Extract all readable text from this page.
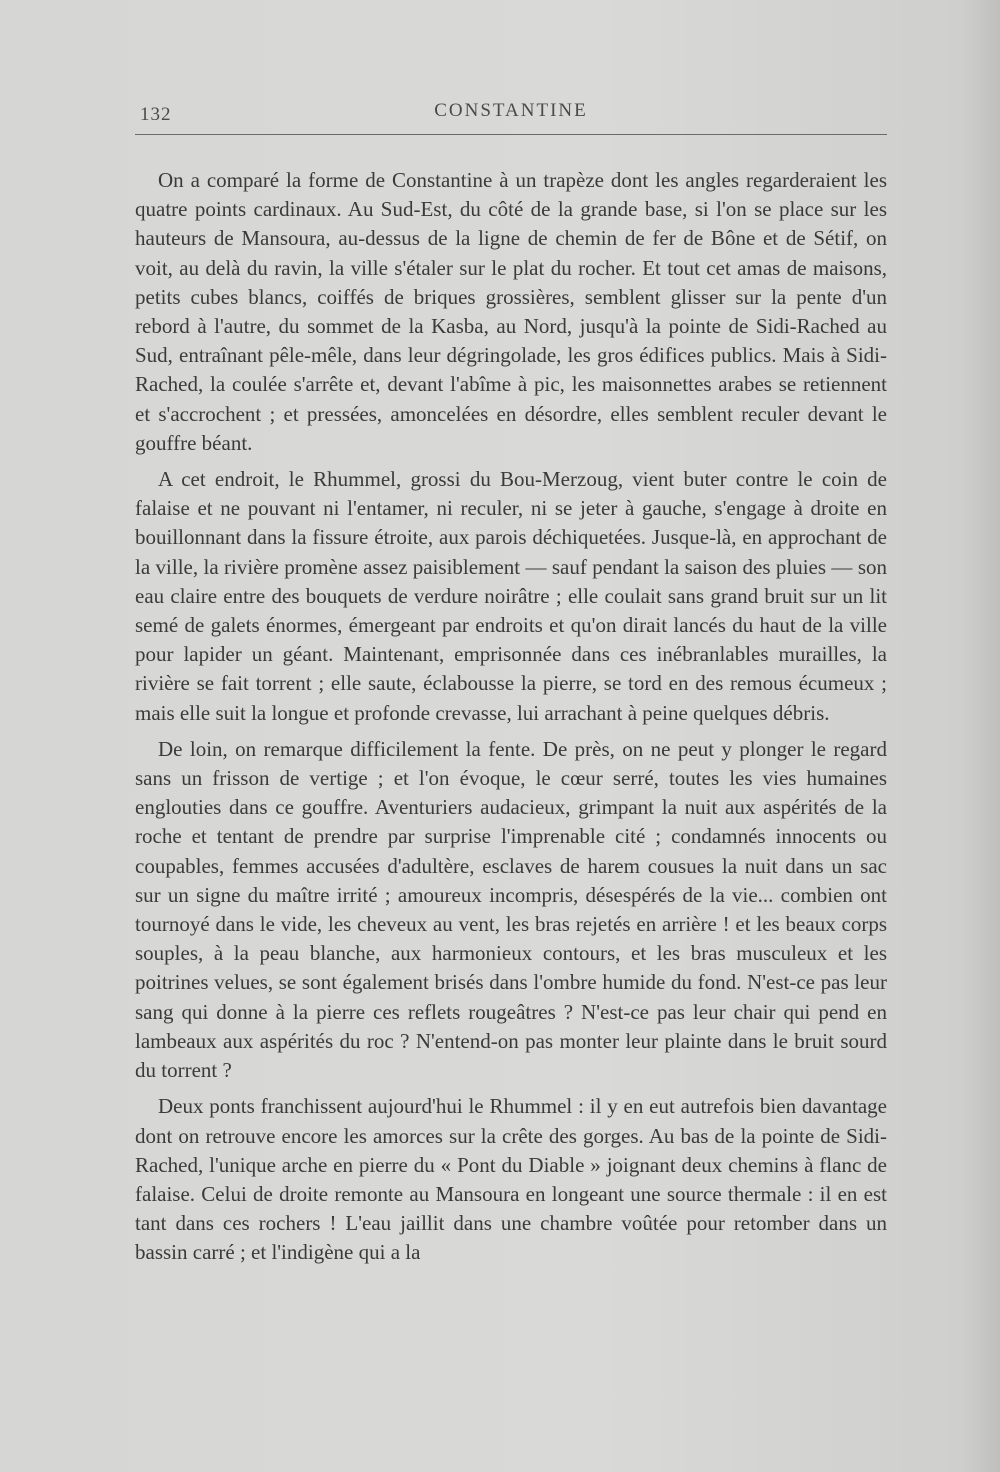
132	CONSTANTINE

On a comparé la forme de Constantine à un trapèze dont les angles regarderaient les quatre points cardinaux. Au Sud-Est, du côté de la grande base, si l'on se place sur les hauteurs de Mansoura, au-dessus de la ligne de chemin de fer de Bône et de Sétif, on voit, au delà du ravin, la ville s'étaler sur le plat du rocher. Et tout cet amas de maisons, petits cubes blancs, coiffés de briques grossières, semblent glisser sur la pente d'un rebord à l'autre, du sommet de la Kasba, au Nord, jusqu'à la pointe de Sidi-Rached au Sud, entraînant pêle-mêle, dans leur dégringolade, les gros édifices publics. Mais à Sidi-Rached, la coulée s'arrête et, devant l'abîme à pic, les maisonnettes arabes se retiennent et s'accrochent ; et pressées, amoncelées en désordre, elles semblent reculer devant le gouffre béant.

A cet endroit, le Rhummel, grossi du Bou-Merzoug, vient buter contre le coin de falaise et ne pouvant ni l'entamer, ni reculer, ni se jeter à gauche, s'engage à droite en bouillonnant dans la fissure étroite, aux parois déchiquetées. Jusque-là, en approchant de la ville, la rivière promène assez paisiblement — sauf pendant la saison des pluies — son eau claire entre des bouquets de verdure noirâtre ; elle coulait sans grand bruit sur un lit semé de galets énormes, émergeant par endroits et qu'on dirait lancés du haut de la ville pour lapider un géant. Maintenant, emprisonnée dans ces inébranlables murailles, la rivière se fait torrent ; elle saute, éclabousse la pierre, se tord en des remous écumeux ; mais elle suit la longue et profonde crevasse, lui arrachant à peine quelques débris.

De loin, on remarque difficilement la fente. De près, on ne peut y plonger le regard sans un frisson de vertige ; et l'on évoque, le cœur serré, toutes les vies humaines englouties dans ce gouffre. Aventuriers audacieux, grimpant la nuit aux aspérités de la roche et tentant de prendre par surprise l'imprenable cité ; condamnés innocents ou coupables, femmes accusées d'adultère, esclaves de harem cousues la nuit dans un sac sur un signe du maître irrité ; amoureux incompris, désespérés de la vie... combien ont tournoyé dans le vide, les cheveux au vent, les bras rejetés en arrière ! et les beaux corps souples, à la peau blanche, aux harmonieux contours, et les bras musculeux et les poitrines velues, se sont également brisés dans l'ombre humide du fond. N'est-ce pas leur sang qui donne à la pierre ces reflets rougeâtres ? N'est-ce pas leur chair qui pend en lambeaux aux aspérités du roc ? N'entend-on pas monter leur plainte dans le bruit sourd du torrent ?

Deux ponts franchissent aujourd'hui le Rhummel : il y en eut autrefois bien davantage dont on retrouve encore les amorces sur la crête des gorges. Au bas de la pointe de Sidi-Rached, l'unique arche en pierre du « Pont du Diable » joignant deux chemins à flanc de falaise. Celui de droite remonte au Mansoura en longeant une source thermale : il en est tant dans ces rochers ! L'eau jaillit dans une chambre voûtée pour retomber dans un bassin carré ; et l'indigène qui a la
